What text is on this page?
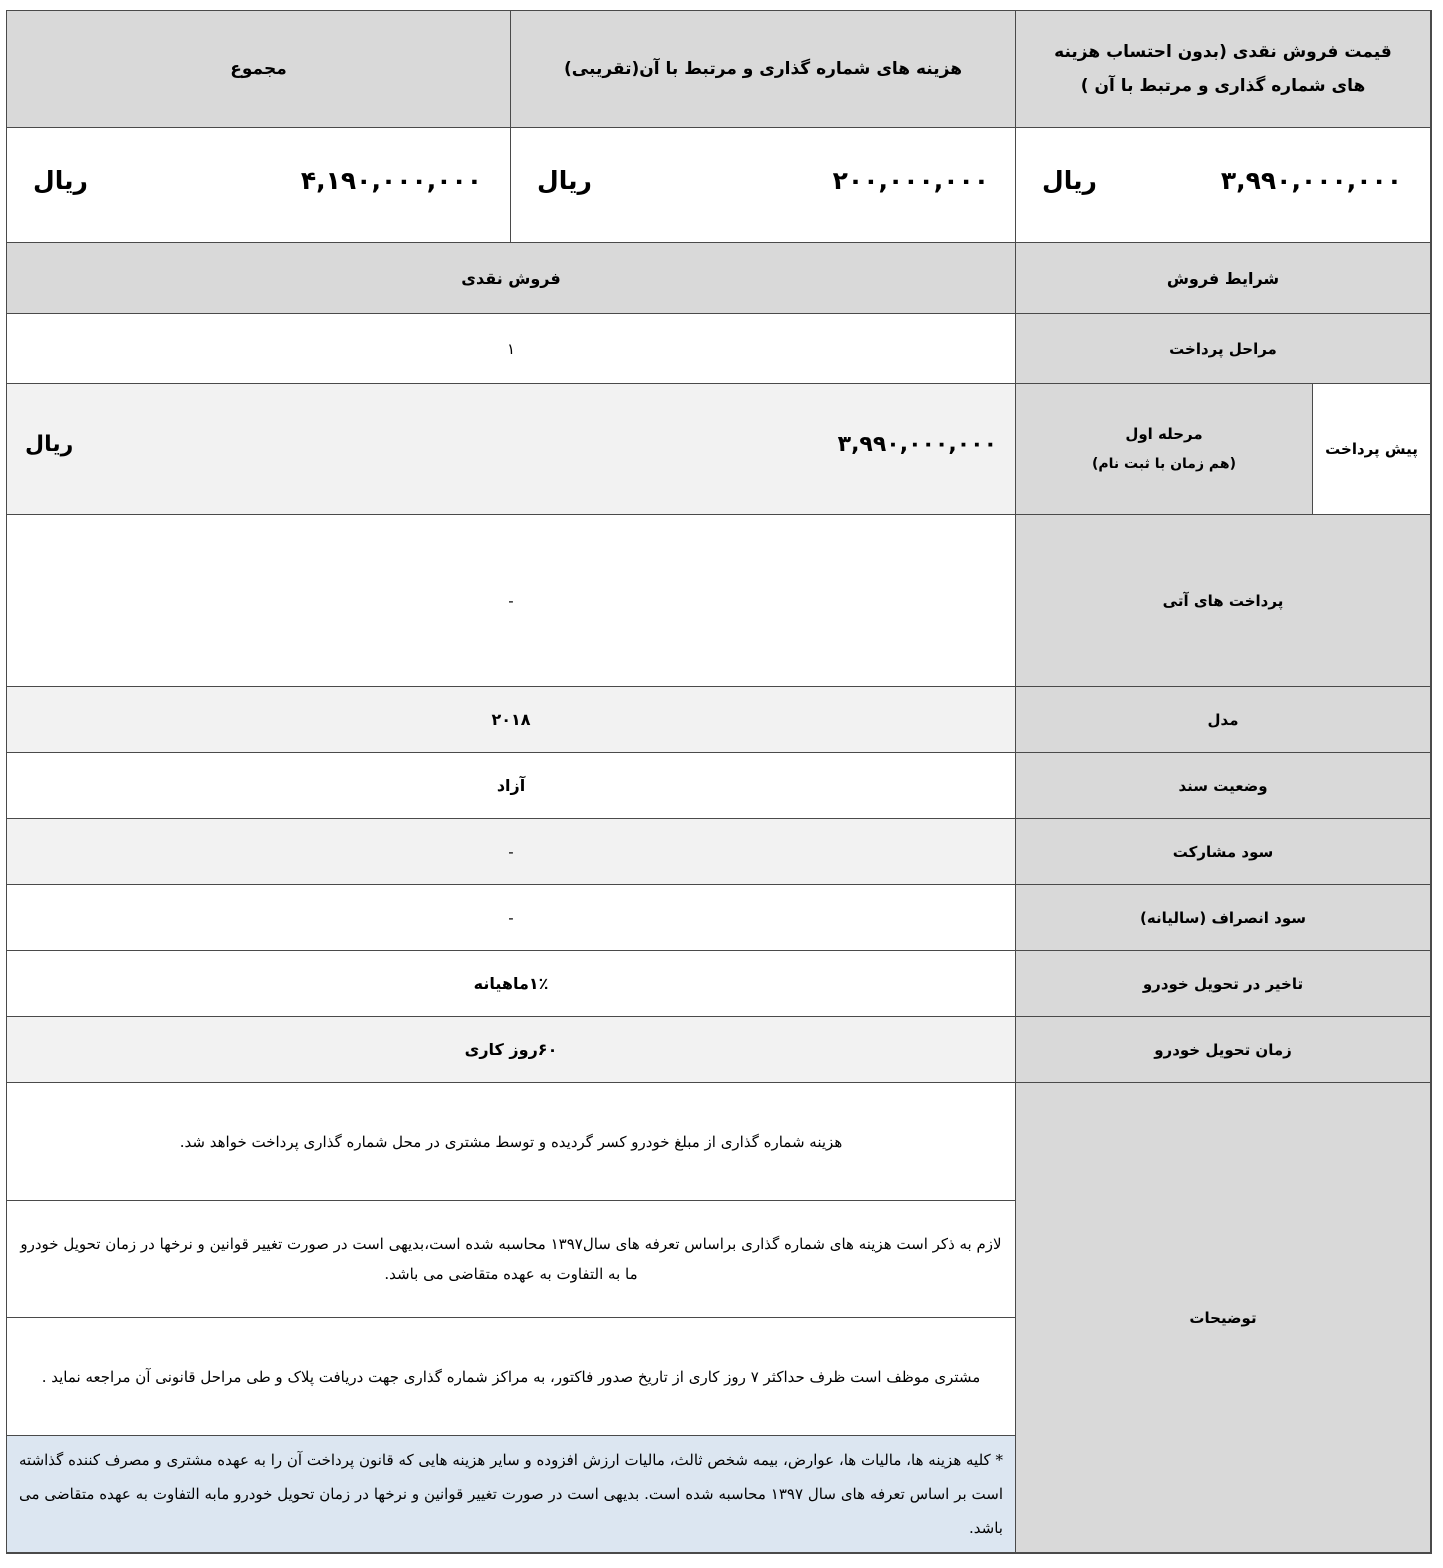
قیمت فروش نقدی (بدون احتساب هزینه های شماره گذاری و مرتبط با آن )
هزینه های شماره گذاری و مرتبط با آن(تقریبی)
مجموع
۳,۹۹۰,۰۰۰,۰۰۰
ریال
۲۰۰,۰۰۰,۰۰۰
ریال
۴,۱۹۰,۰۰۰,۰۰۰
ریال
شرایط فروش
فروش نقدی
مراحل پرداخت
۱
پیش پرداخت
مرحله اول
(هم زمان با ثبت نام)
۳,۹۹۰,۰۰۰,۰۰۰
ریال
پرداخت های آتی
-
مدل
۲۰۱۸
وضعیت سند
آزاد
سود مشارکت
-
سود انصراف (سالیانه)
-
تاخیر در تحویل خودرو
۱٪ماهیانه
زمان تحویل خودرو
۶۰روز کاری
توضیحات
هزینه شماره گذاری از مبلغ خودرو کسر گردیده و توسط مشتری در محل شماره گذاری پرداخت خواهد شد.
لازم به ذکر است هزینه های شماره گذاری براساس تعرفه های سال۱۳۹۷ محاسبه شده است،بدیهی است در صورت تغییر قوانین و نرخها در زمان تحویل خودرو ما به التفاوت به عهده متقاضی می باشد.
مشتری موظف است ظرف حداکثر ۷ روز کاری از تاریخ صدور فاکتور، به مراکز شماره گذاری جهت دریافت پلاک و طی مراحل قانونی آن مراجعه نماید .
* کلیه هزینه ها، مالیات ها، عوارض، بیمه شخص ثالث، مالیات ارزش افزوده و سایر هزینه هایی که قانون پرداخت آن را به عهده مشتری و مصرف کننده گذاشته است بر اساس تعرفه های سال ۱۳۹۷ محاسبه شده است. بدیهی است در صورت تغییر قوانین و نرخها در زمان تحویل خودرو مابه التفاوت به عهده متقاضی می باشد.
